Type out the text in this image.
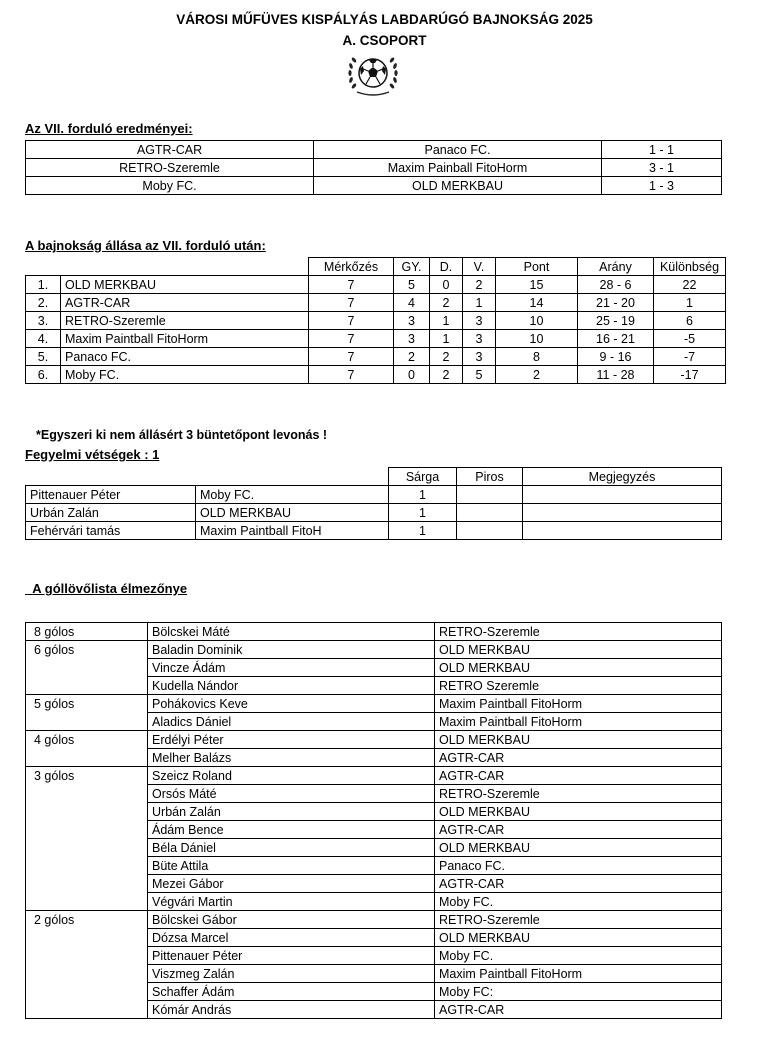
VÁROSI MŰFÜVES KISPÁLYÁS LABDARÚGÓ BAJNOKSÁG 2025
A. CSOPORT
Az VII. forduló eredményei:
AGTR-CAR	Panaco FC.	1 - 1
RETRO-Szeremle	Maxim Painball FitoHorm	3 - 1
Moby FC.	OLD MERKBAU	1 - 3
A bajnokság állása az VII. forduló után:
		Mérkőzés	GY.	D.	V.	Pont	Arány	Különbség
1.	OLD MERKBAU	7	5	0	2	15	28 - 6	22
2.	AGTR-CAR	7	4	2	1	14	21 - 20	1
3.	RETRO-Szeremle	7	3	1	3	10	25 - 19	6
4.	Maxim Paintball FitoHorm	7	3	1	3	10	16 - 21	-5
5.	Panaco FC.	7	2	2	3	8	9 - 16	-7
6.	Moby FC.	7	0	2	5	2	11 - 28	-17
*Egyszeri ki nem állásért 3 büntetőpont levonás !
Fegyelmi vétségek : 1
		Sárga	Piros	Megjegyzés
Pittenauer Péter	Moby FC.	1		
Urbán Zalán	OLD MERKBAU	1		
Fehérvári tamás	Maxim Paintball FitoH	1		
A góllövőlista élmezőnye
8 gólos	Bölcskei Máté	RETRO-Szeremle
6 gólos	Baladin Dominik	OLD MERKBAU
	Vincze Ádám	OLD MERKBAU
	Kudella Nándor	RETRO Szeremle
5 gólos	Pohákovics Keve	Maxim Paintball FitoHorm
	Aladics Dániel	Maxim Paintball FitoHorm
4 gólos	Erdélyi Péter	OLD MERKBAU
	Melher Balázs	AGTR-CAR
3 gólos	Szeicz Roland	AGTR-CAR
	Orsós Máté	RETRO-Szeremle
	Urbán Zalán	OLD MERKBAU
	Ádám Bence	AGTR-CAR
	Béla Dániel	OLD MERKBAU
	Büte Attila	Panaco FC.
	Mezei Gábor	AGTR-CAR
	Végvári Martin	Moby FC.
2 gólos	Bölcskei Gábor	RETRO-Szeremle
	Dózsa Marcel	OLD MERKBAU
	Pittenauer Péter	Moby FC.
	Viszmeg Zalán	Maxim Paintball FitoHorm
	Schaffer Ádám	Moby FC:
	Kómár András	AGTR-CAR
